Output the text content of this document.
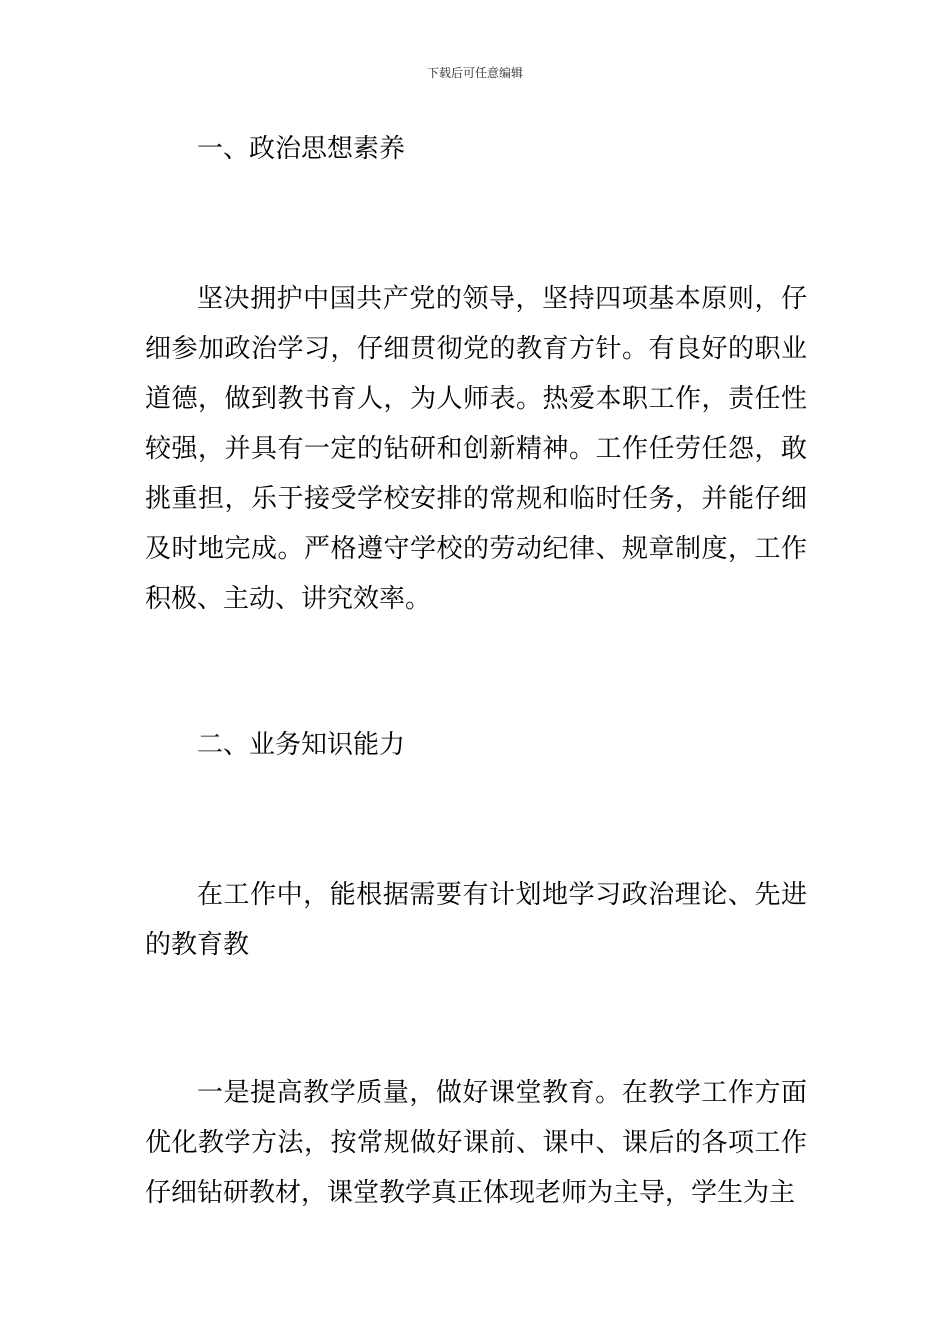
下载后可任意编辑
一、政治思想素养

坚决拥护中国共产党的领导，坚持四项基本原则，仔细参加政治学习，仔细贯彻党的教育方针。有良好的职业道德，做到教书育人，为人师表。热爱本职工作，责任性较强，并具有一定的钻研和创新精神。工作任劳任怨，敢挑重担，乐于接受学校安排的常规和临时任务，并能仔细及时地完成。严格遵守学校的劳动纪律、规章制度，工作积极、主动、讲究效率。

二、业务知识能力

在工作中，能根据需要有计划地学习政治理论、先进的教育教

一是提高教学质量，做好课堂教育。在教学工作方面优化教学方法，按常规做好课前、课中、课后的各项工作仔细钻研教材，课堂教学真正体现老师为主导，学生为主
